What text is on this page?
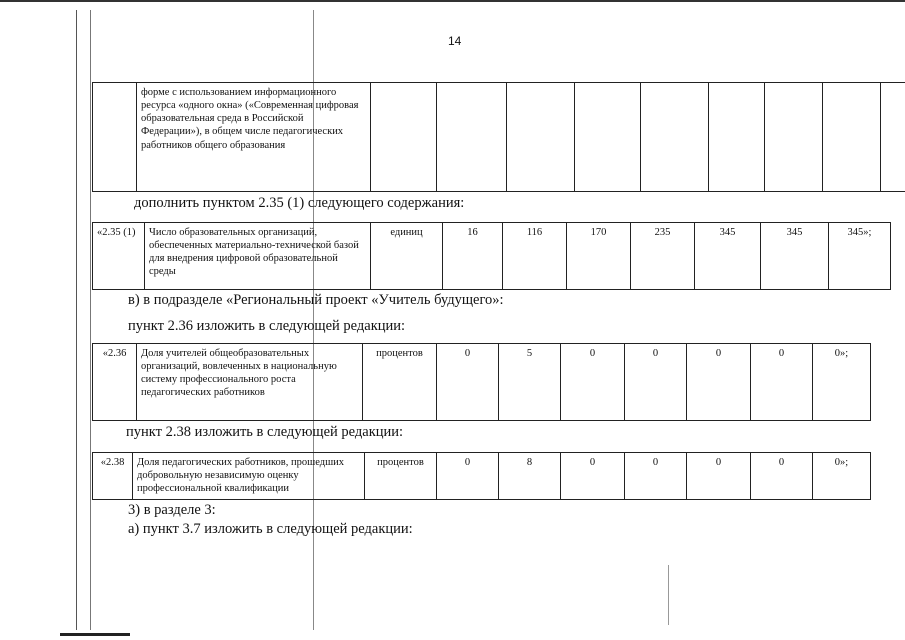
14
	форме с использованием информационного ресурса «одного окна» («Современная цифровая образовательная среда в Российской Федерации»), в общем числе педагогических работников общего образования									
дополнить пунктом 2.35 (1) следующего содержания:
«2.35 (1)	Число образовательных организаций, обеспеченных материально-технической базой для внедрения цифровой образовательной среды	единиц	16	116	170	235	345	345	345»;
в) в подразделе «Региональный проект «Учитель будущего»:
пункт 2.36 изложить в следующей редакции:
«2.36	Доля учителей общеобразовательных организаций, вовлеченных в национальную систему профессионального роста педагогических работников	процентов	0	5	0	0	0	0	0»;
пункт 2.38 изложить в следующей редакции:
«2.38	Доля педагогических работников, прошедших добровольную независимую оценку профессиональной квалификации	процентов	0	8	0	0	0	0	0»;
3) в разделе 3:
а) пункт 3.7 изложить в следующей редакции:
